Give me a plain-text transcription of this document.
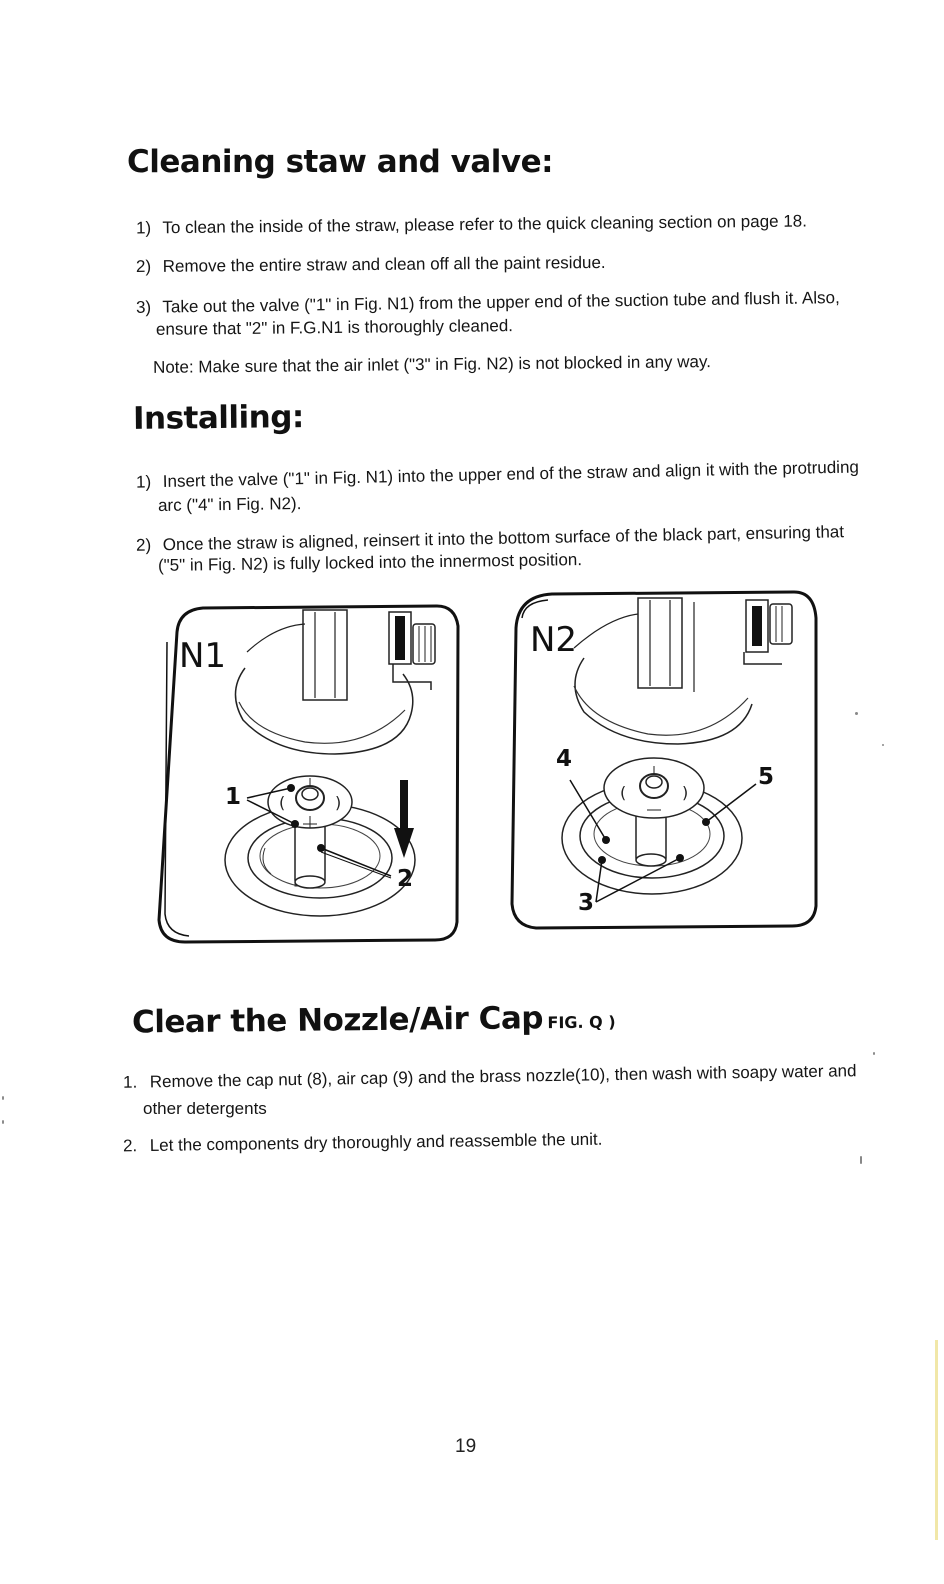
Cleaning staw and valve:
1) To clean the inside of the straw, please refer to the quick cleaning section on page 18.
2) Remove the entire straw and clean off all the paint residue.
3) Take out the valve ("1" in Fig. N1) from the upper end of the suction tube and flush it. Also,
ensure that "2" in F.G.N1 is thoroughly cleaned.
Note: Make sure that the air inlet ("3" in Fig. N2) is not blocked in any way.
Installing:
1) Insert the valve ("1" in Fig. N1) into the upper end of the straw and align it with the protruding
arc ("4" in Fig. N2).
2) Once the straw is aligned, reinsert it into the bottom surface of the black part, ensuring that
("5" in Fig. N2) is fully locked into the innermost position.
(	)
N1
1
2
(	)
N2
4
5
3
Clear the Nozzle/Air Cap FIG. Q )
1. Remove the cap nut (8), air cap (9) and the brass nozzle(10), then wash with soapy water and
other detergents
2. Let the components dry thoroughly and reassemble the unit.
19
